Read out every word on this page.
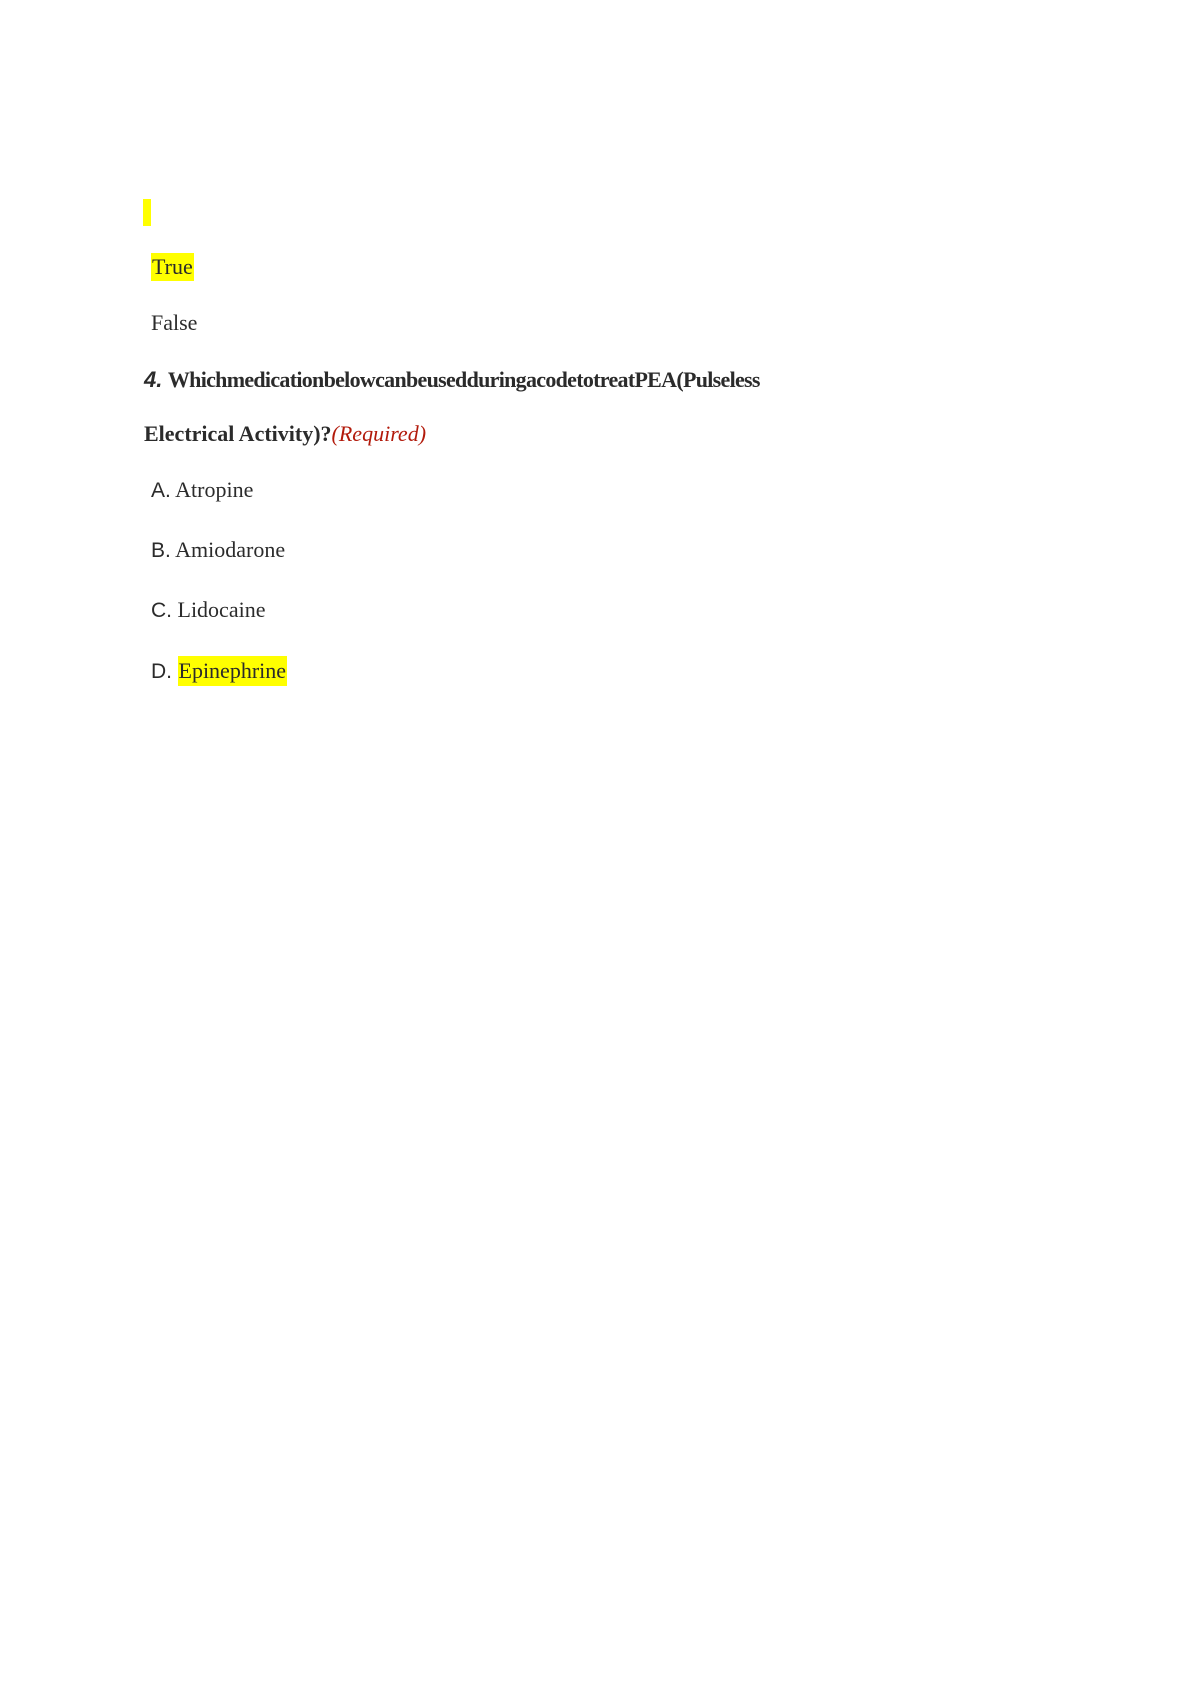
True
False
4. WhichmedicationbelowcanbeusedduringacodetotreatPEA(Pulseless
Electrical Activity)?(Required)
A. Atropine
B. Amiodarone
C. Lidocaine
D. Epinephrine
